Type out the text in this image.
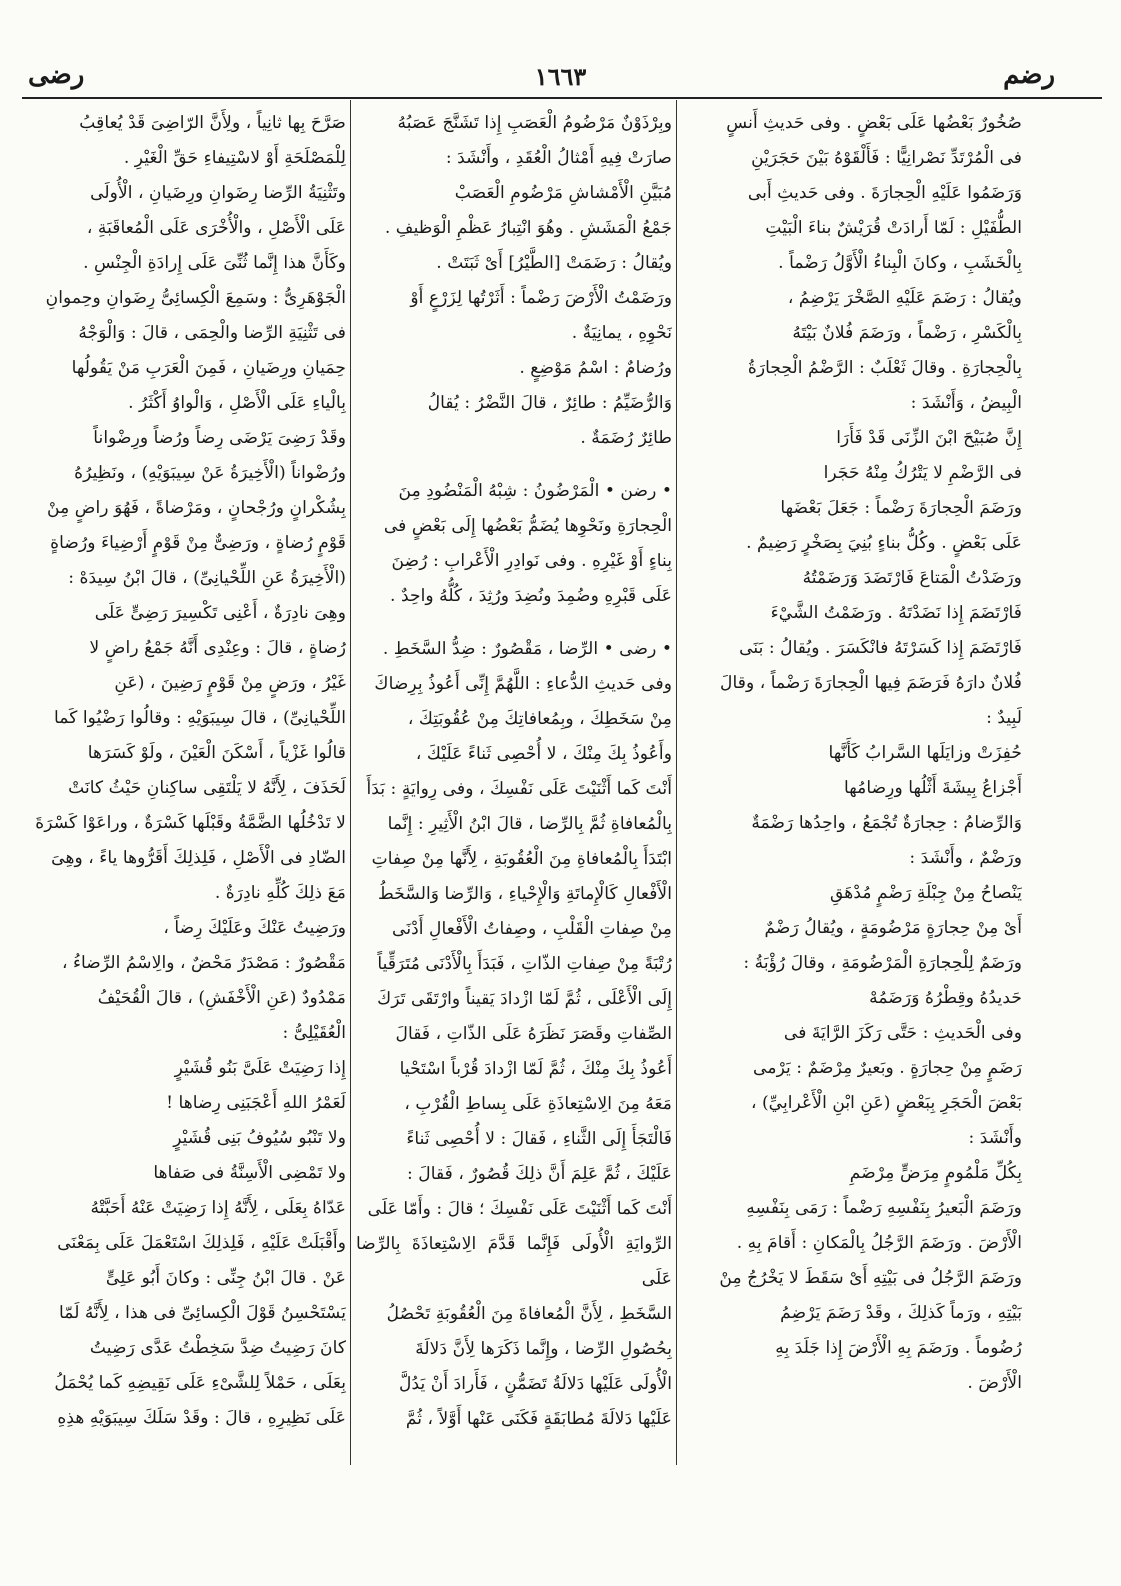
رضم
١٦٦٣
رضى

صُخُورٌ بَعْضُها عَلَى بَعْضٍ . وفى حَديثِ أَنسٍ

فى الْمُرْتَدِّ نَصْرانِيًّا : فَأَلْقَوْهُ بَيْنَ حَجَرَيْنِ

وَرَضَمُوا عَلَيْهِ الْحِجارَةَ . وفى حَديثِ أَبى

الطُّفَيْلِ : لَمّا أَرادَتْ قُرَيْشٌ بناءَ الْبَيْتِ

بِالْخَشَبِ ، وكانَ الْبِناءُ الْأَوَّلُ رَضْماً .

ويُقالُ : رَضَمَ عَلَيْهِ الصَّخْرَ يَرْضِمُ ،

بِالْكَسْرِ ، رَضْماً ، ورَضَمَ فُلانٌ بَيْتَهُ

بِالْحِجارَةِ . وقالَ ثَعْلَبٌ : الرَّضْمُ الْحِجارَةُ

الْبِيضُ ، وَأَنْشَدَ :

إِنَّ صُبَيْحَ ابْنَ الزِّنَى قَدْ فَأَرَا

فى الرَّضْمِ لا يَتْرُكُ مِنْهُ حَجَرا

ورَضَمَ الْحِجارَةَ رَضْماً : جَعَلَ بَعْضَها

عَلَى بَعْضٍ . وكُلُّ بناءٍ بُنِيَ بِصَخْرٍ رَضِيمٌ .

ورَضَدْتُ الْمَتاعَ فَارْتَضَدَ وَرَضَمْتُهُ

فَارْتَضَمَ إِذا نَضَدْتَهُ . ورَضَمْتُ الشَّيْءَ

فَارْتَضَمَ إِذا كَسَرْتَهُ فانْكَسَرَ . ويُقالُ : بَنَى

فُلانٌ دارَهُ فَرَضَمَ فِيها الْحِجارَةَ رَضْماً ، وقالَ

لَبِيدٌ :

حُفِزَتْ وزايَلَها السَّرابُ كَأَنَّها

أَجْزاعُ بِيشَةَ أَثْلُها ورِضامُها

وَالرِّضامُ : حِجارَةٌ تُجْمَعُ ، واحِدُها رَضْمَةٌ

ورَضْمٌ ، وأَنْشَدَ :

يَنْصاحُ مِنْ جِبْلَةِ رَضْمٍ مُدْهَقِ

أَىْ مِنْ حِجارَةٍ مَرْضُومَةٍ ، ويُقالُ رَضْمٌ

ورَضَمٌ لِلْحِجارَةِ الْمَرْضُومَةِ ، وقالَ رُؤْبَةُ :

حَديدُهُ وقِطْرُهُ وَرَضَمُهْ

وفى الْحَديثِ : حَتَّى رَكَزَ الرَّايَةَ فى

رَضَمٍ مِنْ حِجارَةٍ . وبَعيرٌ مِرْضَمٌ : يَرْمى

بَعْضَ الْحَجَرِ بِبَعْضٍ (عَنِ ابْنِ الْأَعْرابِيِّ) ،

وأَنْشَدَ :

بِكُلِّ مَلْمُومٍ مِرَضٍّ مِرْضَمِ

ورَضَمَ الْبَعيرُ بِنَفْسِهِ رَضْماً : رَمَى بِنَفْسِهِ

الْأَرْضَ . ورَضَمَ الرَّجُلُ بِالْمَكانِ : أَقامَ بِهِ .

ورَضَمَ الرَّجُلُ فى بَيْتِهِ أَىْ سَقَطَ لا يَخْرُجُ مِنْ

بَيْتِهِ ، ورَماً كَذلِكَ ، وقَدْ رَضَمَ يَرْضِمُ

رُضُوماً . ورَضَمَ بِهِ الْأَرْضَ إِذا جَلَدَ بِهِ

الْأَرْضَ .

وبِرْذَوْنٌ مَرْضُومُ الْعَصَبِ إِذا تَشَنَّجَ عَصَبُهُ

صارَتْ فِيهِ أَمْثالُ الْعُقَدِ ، وأَنْشَدَ :

مُبَيَّنِ الْأَمْشاشِ مَرْضُومِ الْعَصَبْ

جَمْعُ الْمَشَشِ . وهُوَ انْتِبارُ عَظْمِ الْوَظيفِ .

ويُقالُ : رَضَمَتْ [الطَّيْرُ] أَىْ ثَبَتَتْ .

ورَضَمْتُ الْأَرْضَ رَضْماً : أَثَرْتُها لِزَرْعٍ أَوْ

نَحْوِهِ ، يمانِيَةٌ .

ورُضامٌ : اسْمُ مَوْضِعٍ .

وَالرُّضَيِّمُ : طائِرٌ ، قالَ النَّضْرُ : يُقالُ

طائِرٌ رُضَمَةٌ .

• رضن • الْمَرْضُونُ : شِبْهُ الْمَنْضُودِ مِنَ

الْحِجارَةِ ونَحْوِها يُضَمُّ بَعْضُها إِلَى بَعْضٍ فى

بِناءٍ أَوْ غَيْرِهِ . وفى نَوادِرِ الْأَعْرابِ : رُضِنَ

عَلَى قَبْرِهِ وضُمِدَ ونُضِدَ ورُثِدَ ، كُلُّهُ واحِدٌ .

• رضى • الرِّضا ، مَقْصُورٌ : ضِدُّ السَّخَطِ .

وفى حَديثِ الدُّعاءِ : اللَّهُمَّ إِنِّى أَعُوذُ بِرِضاكَ

مِنْ سَخَطِكَ ، وبِمُعافاتِكَ مِنْ عُقُوبَتِكَ ،

وأَعُوذُ بِكَ مِنْكَ ، لا أُحْصِى ثَناءً عَلَيْكَ ،

أَنْتَ كَما أَثْنَيْتَ عَلَى نَفْسِكَ ، وفى رِوايَةٍ : بَدَأَ

بِالْمُعافاةِ ثُمَّ بِالرِّضا ، قالَ ابْنُ الْأَثِيرِ : إِنَّما

ابْتَدَأَ بِالْمُعافاةِ مِنَ الْعُقُوبَةِ ، لِأَنَّها مِنْ صِفاتِ

الْأَفْعالِ كَالْإِماتَةِ وَالْإِحْياءِ ، وَالرِّضا وَالسَّخَطُ

مِنْ صِفاتِ الْقَلْبِ ، وصِفاتُ الْأَفْعالِ أَدْنَى

رُتْبَةً مِنْ صِفاتِ الذّاتِ ، فَبَدَأَ بِالْأَدْنَى مُتَرَقِّياً

إِلَى الْأَعْلَى ، ثُمَّ لَمّا ازْدادَ يَقيناً وارْتَقَى تَرَكَ

الصِّفاتِ وقَصَرَ نَظَرَهُ عَلَى الذّاتِ ، فَقالَ

أَعُوذُ بِكَ مِنْكَ ، ثُمَّ لَمّا ازْدادَ قُرْباً اسْتَحْيا

مَعَهُ مِنَ الِاسْتِعاذَةِ عَلَى بِساطِ الْقُرْبِ ،

فَالْتَجَأَ إِلَى الثَّناءِ ، فَقالَ : لا أُحْصِى ثَناءً

عَلَيْكَ ، ثُمَّ عَلِمَ أَنَّ ذلِكَ قُصُورٌ ، فَقالَ :

أَنْتَ كَما أَثْنَيْتَ عَلَى نَفْسِكَ ؛ قالَ : وأَمّا عَلَى

الرِّوايَةِ الْأُولَى فَإِنَّما قَدَّمَ الِاسْتِعاذَةَ بِالرِّضا عَلَى

السَّخَطِ ، لِأَنَّ الْمُعافاةَ مِنَ الْعُقُوبَةِ تَحْصُلُ

بِحُصُولِ الرِّضا ، وإِنَّما ذَكَرَها لِأَنَّ دَلالَةَ

الْأُولَى عَلَيْها دَلالَةُ تَضَمُّنٍ ، فَأَرادَ أَنْ يَدُلَّ

عَلَيْها دَلالَةَ مُطابَقَةٍ فَكَنَى عَنْها أَوَّلاً ، ثُمَّ

صَرَّحَ بِها ثانِياً ، ولِأَنَّ الرّاضِىَ قَدْ يُعاقِبُ

لِلْمَصْلَحَةِ أَوْ لاسْتِيفاءِ حَقِّ الْغَيْرِ .

وتَثْنِيَةُ الرِّضا رِضَوانِ ورِضَيانِ ، الْأُولَى

عَلَى الْأَصْلِ ، والْأُخْرَى عَلَى الْمُعاقَبَةِ ،

وكَأَنَّ هذا إِنَّما ثُنِّىَ عَلَى إِرادَةِ الْجِنْسِ .

الْجَوْهَرِىُّ : وسَمِعَ الْكِسائِىُّ رِضَوانِ وحِموانِ

فى تَثْنِيَةِ الرِّضا والْحِمَى ، قالَ : وَالْوَجْهُ

حِمَيانِ ورِضَيانِ ، فَمِنَ الْعَرَبِ مَنْ يَقُولُها

بِالْياءِ عَلَى الْأَصْلِ ، وَالْواوُ أَكْثَرُ .

وقَدْ رَضِىَ يَرْضَى رِضاً ورُضاً ورِضْواناً

ورُضْواناً (الْأَخِيرَةُ عَنْ سِيبَوَيْهِ) ، ونَظِيرُهُ

بِشُكْرانٍ ورُجْحانٍ ، ومَرْضاةً ، فَهُوَ راضٍ مِنْ

قَوْمٍ رُضاةٍ ، ورَضِىٌّ مِنْ قَوْمٍ أَرْضِياءَ ورُضاةٍ

(الْأَخِيرَةُ عَنِ اللِّحْيانِىِّ) ، قالَ ابْنُ سِيدَهْ :

وهِىَ نادِرَةٌ ، أَعْنِى تَكْسِيرَ رَضِىٍّ عَلَى

رُضاةٍ ، قالَ : وعِنْدِى أَنَّهُ جَمْعُ راضٍ لا

غَيْرُ ، ورَضٍ مِنْ قَوْمٍ رَضِينَ ، (عَنِ

اللِّحْيانِىِّ) ، قالَ سِيبَوَيْهِ : وقالُوا رَضْيُوا كَما

قالُوا غَزْياً ، أَسْكَنَ الْعَيْنَ ، ولَوْ كَسَرَها

لَحَذَفَ ، لِأَنَّهُ لا يَلْتَقِى ساكِنانِ حَيْثُ كانَتْ

لا تَدْخُلُها الضَّمَّةُ وقَبْلَها كَسْرَةٌ ، وراعَوْا كَسْرَةَ

الضّادِ فى الْأَصْلِ ، فَلِذلِكَ أَقَرُّوها ياءً ، وهِىَ

مَعَ ذلِكَ كُلِّهِ نادِرَةٌ .

ورَضِيتُ عَنْكَ وعَلَيْكَ رِضاً ،

مَقْصُورٌ : مَصْدَرٌ مَحْضٌ ، والِاسْمُ الرِّضاءُ ،

مَمْدُودٌ (عَنِ الْأَخْفَشِ) ، قالَ الْقُحَيْفُ

الْعُقَيْلِىُّ :

إِذا رَضِيَتْ عَلَىَّ بَنُو قُشَيْرٍ

لَعَمْرُ اللهِ أَعْجَبَنِى رِضاها !

ولا تَنْبُو سُيُوفُ بَنِى قُشَيْرٍ

ولا تَمْضِى الْأَسِنَّةُ فى صَفاها

عَدّاهُ بِعَلَى ، لِأَنَّهُ إِذا رَضِيَتْ عَنْهُ أَحَبَّتْهُ

وأَقْبَلَتْ عَلَيْهِ ، فَلِذلِكَ اسْتَعْمَلَ عَلَى بِمَعْنَى

عَنْ . قالَ ابْنُ جِنِّى : وكانَ أَبُو عَلِىٍّ

يَسْتَحْسِنُ قَوْلَ الْكِسائِىِّ فى هذا ، لِأَنَّهُ لَمّا

كانَ رَضِيتُ ضِدَّ سَخِطْتُ عَدَّى رَضِيتُ

بِعَلَى ، حَمْلاً لِلشَّىْءِ عَلَى نَقِيضِهِ كَما يُحْمَلُ

عَلَى نَظِيرِهِ ، قالَ : وقَدْ سَلَكَ سِيبَوَيْهِ هذِهِ
